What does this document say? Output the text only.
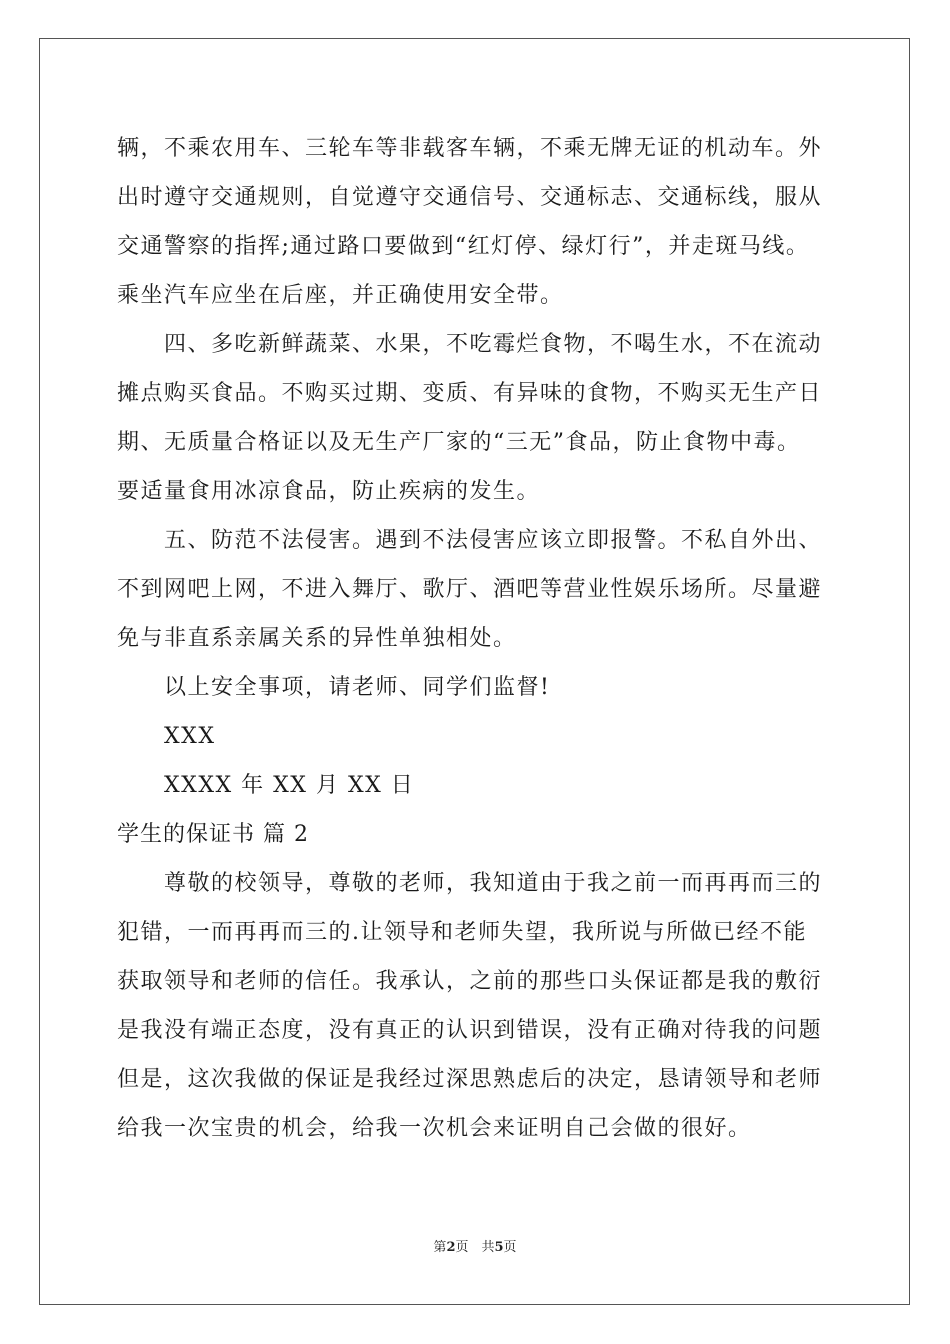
辆，不乘农用车、三轮车等非载客车辆，不乘无牌无证的机动车。外
出时遵守交通规则，自觉遵守交通信号、交通标志、交通标线，服从
交通警察的指挥;通过路口要做到“红灯停、绿灯行”，并走斑马线。
乘坐汽车应坐在后座，并正确使用安全带。
四、多吃新鲜蔬菜、水果，不吃霉烂食物，不喝生水，不在流动
摊点购买食品。不购买过期、变质、有异味的食物，不购买无生产日
期、无质量合格证以及无生产厂家的“三无”食品，防止食物中毒。
要适量食用冰凉食品，防止疾病的发生。
五、防范不法侵害。遇到不法侵害应该立即报警。不私自外出、
不到网吧上网，不进入舞厅、歌厅、酒吧等营业性娱乐场所。尽量避
免与非直系亲属关系的异性单独相处。
以上安全事项，请老师、同学们监督!
XXX
XXXX 年 XX 月 XX 日
学生的保证书 篇 2
尊敬的校领导，尊敬的老师，我知道由于我之前一而再再而三的
犯错，一而再再而三的.让领导和老师失望，我所说与所做已经不能
获取领导和老师的信任。我承认，之前的那些口头保证都是我的敷衍
是我没有端正态度，没有真正的认识到错误，没有正确对待我的问题
但是，这次我做的保证是我经过深思熟虑后的决定，恳请领导和老师
给我一次宝贵的机会，给我一次机会来证明自己会做的很好。
第2页　共5页
